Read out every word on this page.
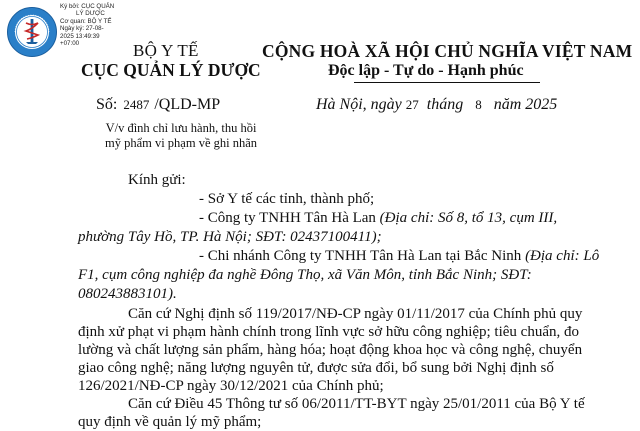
Ký bởi: CỤC QUẢN
LÝ DƯỢC
Cơ quan: BỘ Y TẾ
Ngày ký: 27-08-
2025 13:49:39
+07:00	BỘ Y TẾ
CỤC QUẢN LÝ DƯỢC
CỘNG HOÀ XÃ HỘI CHỦ NGHĨA VIỆT NAM
Độc lập - Tự do - Hạnh phúc
Số: 2487 /QLD-MP	Hà Nội, ngày 27 tháng 8 năm 2025
V/v đình chỉ lưu hành, thu hồi
mỹ phẩm vi phạm về ghi nhãn
Kính gửi:
- Sở Y tế các tỉnh, thành phố;
- Công ty TNHH Tân Hà Lan (Địa chỉ: Số 8, tổ 13, cụm III,
phường Tây Hồ, TP. Hà Nội; SĐT: 02437100411);
- Chi nhánh Công ty TNHH Tân Hà Lan tại Bắc Ninh (Địa chỉ: Lô
F1, cụm công nghiệp đa nghề Đông Thọ, xã Văn Môn, tỉnh Bắc Ninh; SĐT:
080243883101).
Căn cứ Nghị định số 119/2017/NĐ-CP ngày 01/11/2017 của Chính phủ quy
định xử phạt vi phạm hành chính trong lĩnh vực sở hữu công nghiệp; tiêu chuẩn, đo
lường và chất lượng sản phẩm, hàng hóa; hoạt động khoa học và công nghệ, chuyển
giao công nghệ; năng lượng nguyên tử, được sửa đổi, bổ sung bởi Nghị định số
126/2021/NĐ-CP ngày 30/12/2021 của Chính phủ;
Căn cứ Điều 45 Thông tư số 06/2011/TT-BYT ngày 25/01/2011 của Bộ Y tế
quy định về quản lý mỹ phẩm;
